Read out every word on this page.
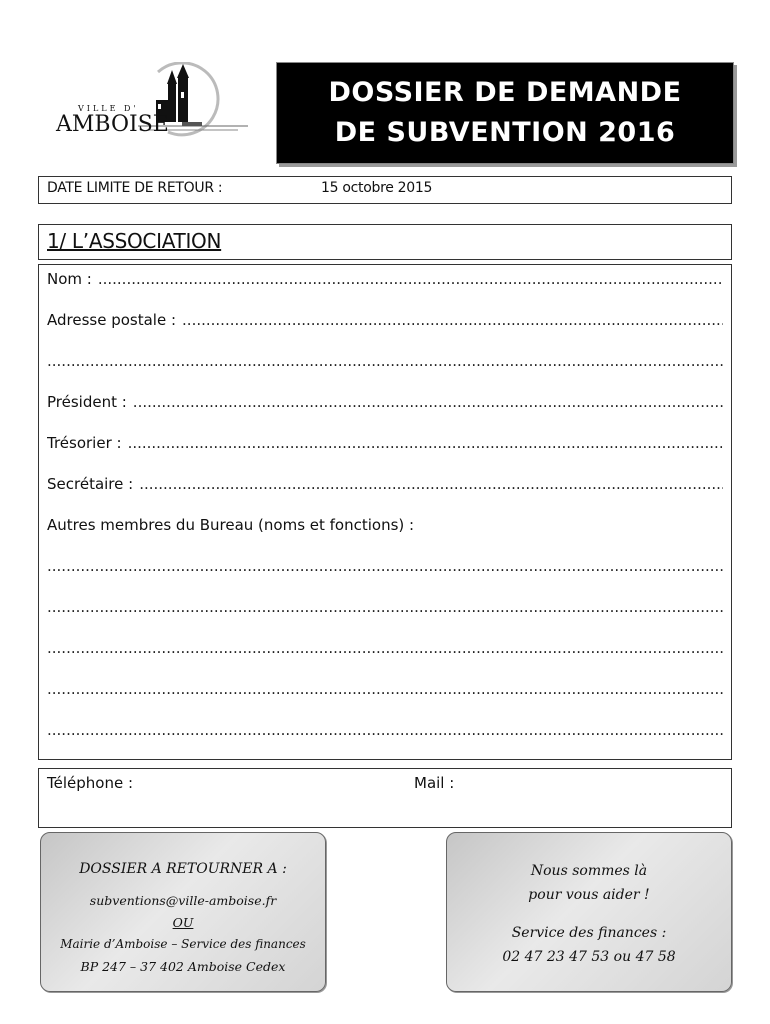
VILLE D'
AMBOISE
DOSSIER DE DEMANDE
DE SUBVENTION 2016
DATE LIMITE DE RETOUR :	15 octobre 2015
1/ L’ASSOCIATION
Nom :
.....
Adresse postale :
.....
.....
Président :
.....
Trésorier :
.....
Secrétaire :
.....
Autres membres du Bureau (noms et fonctions) :
.....
.....
.....
.....
.....
Téléphone :	Mail :
DOSSIER A RETOURNER A :
subventions@ville-amboise.fr
OU
Mairie d’Amboise – Service des finances
BP 247 – 37 402 Amboise Cedex
Nous sommes là
pour vous aider !
Service des finances :
02 47 23 47 53 ou 47 58
